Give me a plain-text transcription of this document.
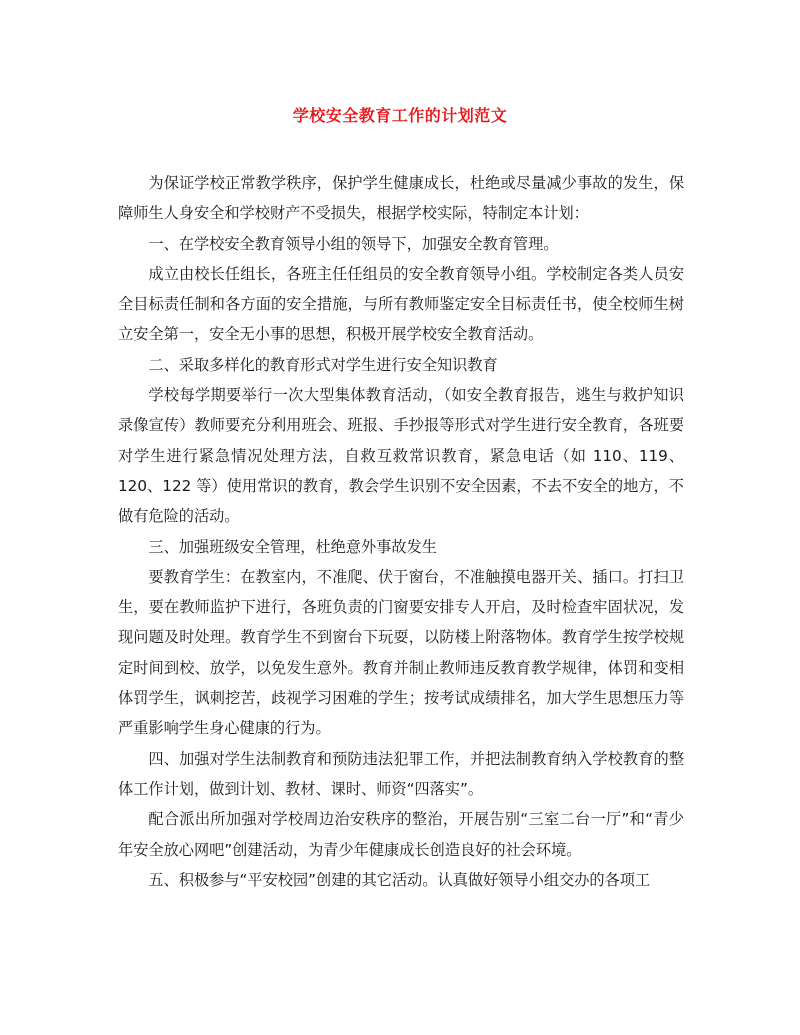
学校安全教育工作的计划范文

为保证学校正常教学秩序，保护学生健康成长，杜绝或尽量减少事故的发生，保障师生人身安全和学校财产不受损失，根据学校实际，特制定本计划：

一、在学校安全教育领导小组的领导下，加强安全教育管理。

成立由校长任组长，各班主任任组员的安全教育领导小组。学校制定各类人员安全目标责任制和各方面的安全措施，与所有教师鉴定安全目标责任书，使全校师生树立安全第一，安全无小事的思想，积极开展学校安全教育活动。

二、采取多样化的教育形式对学生进行安全知识教育

学校每学期要举行一次大型集体教育活动，（如安全教育报告，逃生与救护知识录像宣传）教师要充分利用班会、班报、手抄报等形式对学生进行安全教育，各班要对学生进行紧急情况处理方法，自救互救常识教育，紧急电话（如 110、119、120、122 等）使用常识的教育，教会学生识别不安全因素，不去不安全的地方，不做有危险的活动。

三、加强班级安全管理，杜绝意外事故发生

要教育学生：在教室内，不准爬、伏于窗台，不准触摸电器开关、插口。打扫卫生，要在教师监护下进行，各班负责的门窗要安排专人开启，及时检查牢固状况，发现问题及时处理。教育学生不到窗台下玩耍，以防楼上附落物体。教育学生按学校规定时间到校、放学，以免发生意外。教育并制止教师违反教育教学规律，体罚和变相体罚学生，讽刺挖苦，歧视学习困难的学生；按考试成绩排名，加大学生思想压力等严重影响学生身心健康的行为。

四、加强对学生法制教育和预防违法犯罪工作，并把法制教育纳入学校教育的整体工作计划，做到计划、教材、课时、师资“四落实”。

配合派出所加强对学校周边治安秩序的整治，开展告别“三室二台一厅”和“青少年安全放心网吧”创建活动，为青少年健康成长创造良好的社会环境。

五、积极参与“平安校园”创建的其它活动。认真做好领导小组交办的各项工
